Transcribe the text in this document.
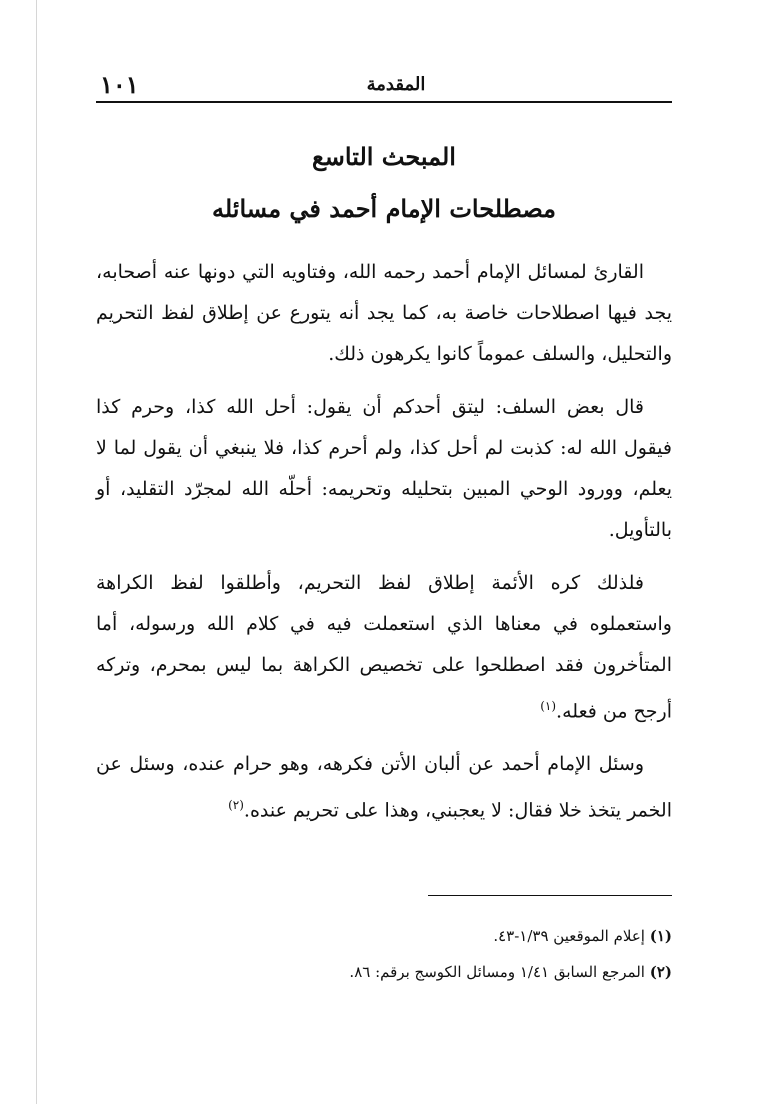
١٠١	المقدمة
المبحث التاسع
مصطلحات الإمام أحمد في مسائله

القارئ لمسائل الإمام أحمد رحمه الله، وفتاويه التي دونها عنه أصحابه، يجد فيها اصطلاحات خاصة به، كما يجد أنه يتورع عن إطلاق لفظ التحريم والتحليل، والسلف عموماً كانوا يكرهون ذلك.

قال بعض السلف: ليتق أحدكم أن يقول: أحل الله كذا، وحرم كذا فيقول الله له: كذبت لم أحل كذا، ولم أحرم كذا، فلا ينبغي أن يقول لما لا يعلم، وورود الوحي المبين بتحليله وتحريمه: أحلّه الله لمجرّد التقليد، أو بالتأويل.

فلذلك كره الأئمة إطلاق لفظ التحريم، وأطلقوا لفظ الكراهة واستعملوه في معناها الذي استعملت فيه في كلام الله ورسوله، أما المتأخرون فقد اصطلحوا على تخصيص الكراهة بما ليس بمحرم، وتركه أرجح من فعله.$^{(١)}$

وسئل الإمام أحمد عن ألبان الأتن فكرهه، وهو حرام عنده، وسئل عن الخمر يتخذ خلا فقال: لا يعجبني، وهذا على تحريم عنده.$^{(٢)}$

(١) إعلام الموقعين ١/٣٩-٤٣.

(٢) المرجع السابق ١/٤١ ومسائل الكوسج برقم: ٨٦.
